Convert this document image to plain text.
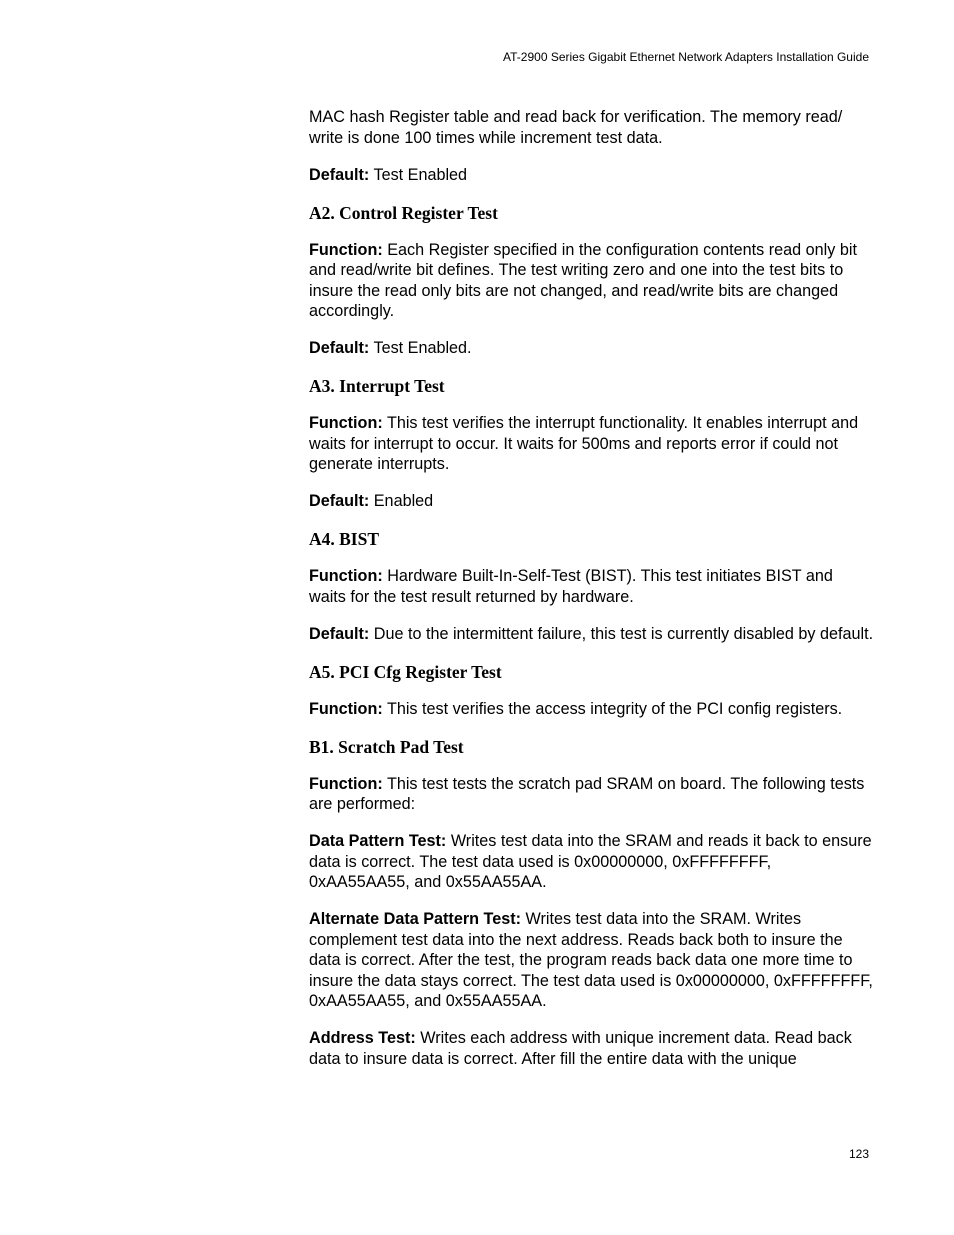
AT-2900 Series Gigabit Ethernet Network Adapters Installation Guide

MAC hash Register table and read back for verification. The memory read/ write is done 100 times while increment test data.

Default: Test Enabled

A2. Control Register Test

Function: Each Register specified in the configuration contents read only bit and read/write bit defines. The test writing zero and one into the test bits to insure the read only bits are not changed, and read/write bits are changed accordingly.

Default: Test Enabled.

A3. Interrupt Test

Function: This test verifies the interrupt functionality. It enables interrupt and waits for interrupt to occur. It waits for 500ms and reports error if could not generate interrupts.

Default: Enabled

A4. BIST

Function: Hardware Built-In-Self-Test (BIST). This test initiates BIST and waits for the test result returned by hardware.

Default: Due to the intermittent failure, this test is currently disabled by default.

A5. PCI Cfg Register Test

Function: This test verifies the access integrity of the PCI config registers.

B1. Scratch Pad Test

Function: This test tests the scratch pad SRAM on board. The following tests are performed:

Data Pattern Test: Writes test data into the SRAM and reads it back to ensure data is correct. The test data used is 0x00000000, 0xFFFFFFFF, 0xAA55AA55, and 0x55AA55AA.

Alternate Data Pattern Test: Writes test data into the SRAM. Writes complement test data into the next address. Reads back both to insure the data is correct. After the test, the program reads back data one more time to insure the data stays correct. The test data used is 0x00000000, 0xFFFFFFFF, 0xAA55AA55, and 0x55AA55AA.

Address Test: Writes each address with unique increment data. Read back data to insure data is correct. After fill the entire data with the unique

123
